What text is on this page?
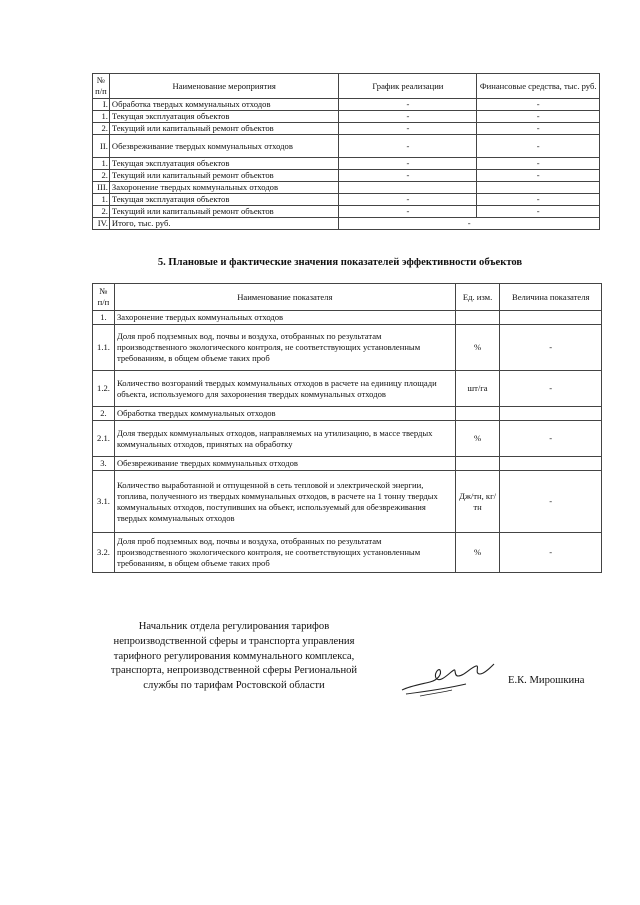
№ п/п	Наименование мероприятия	График реализации	Финансовые средства, тыс. руб.
I.	Обработка твердых коммунальных отходов	-	-
1.	Текущая эксплуатация объектов	-	-
2.	Текущий или капитальный ремонт объектов	-	-
II.	Обезвреживание твердых коммунальных отходов	-	-
1.	Текущая эксплуатация объектов	-	-
2.	Текущий или капитальный ремонт объектов	-	-
III.	Захоронение твердых коммунальных отходов		
1.	Текущая эксплуатация объектов	-	-
2.	Текущий или капитальный ремонт объектов	-	-
IV.	Итого, тыс. руб.	-	
5. Плановые и фактические значения показателей эффективности объектов
№ п/п	Наименование показателя	Ед. изм.	Величина показателя
1.	Захоронение твердых коммунальных отходов		
1.1.	Доля проб подземных вод, почвы и воздуха, отобранных по результатам производственного экологического контроля, не соответствующих установленным требованиям, в общем объеме таких проб	%	-
1.2.	Количество возгораний твердых коммунальных отходов в расчете на единицу площади объекта, используемого для захоронения твердых коммунальных отходов	шт/га	-
2.	Обработка твердых коммунальных отходов		
2.1.	Доля твердых коммунальных отходов, направляемых на утилизацию, в массе твердых коммунальных отходов, принятых на обработку	%	-
3.	Обезвреживание твердых коммунальных отходов		
3.1.	Количество выработанной и отпущенной в сеть тепловой и электрической энергии, топлива, полученного из твердых коммунальных отходов, в расчете на 1 тонну твердых коммунальных отходов, поступивших на объект, используемый для обезвреживания твердых коммунальных отходов	Дж/тн, кг/тн	-
3.2.	Доля проб подземных вод, почвы и воздуха, отобранных по результатам производственного экологического контроля, не соответствующих установленным требованиям, в общем объеме таких проб	%	-
Начальник отдела регулирования тарифов
непроизводственной сферы и транспорта управления
тарифного регулирования коммунального комплекса,
транспорта, непроизводственной сферы Региональной
службы по тарифам Ростовской области	Е.К. Мирошкина
